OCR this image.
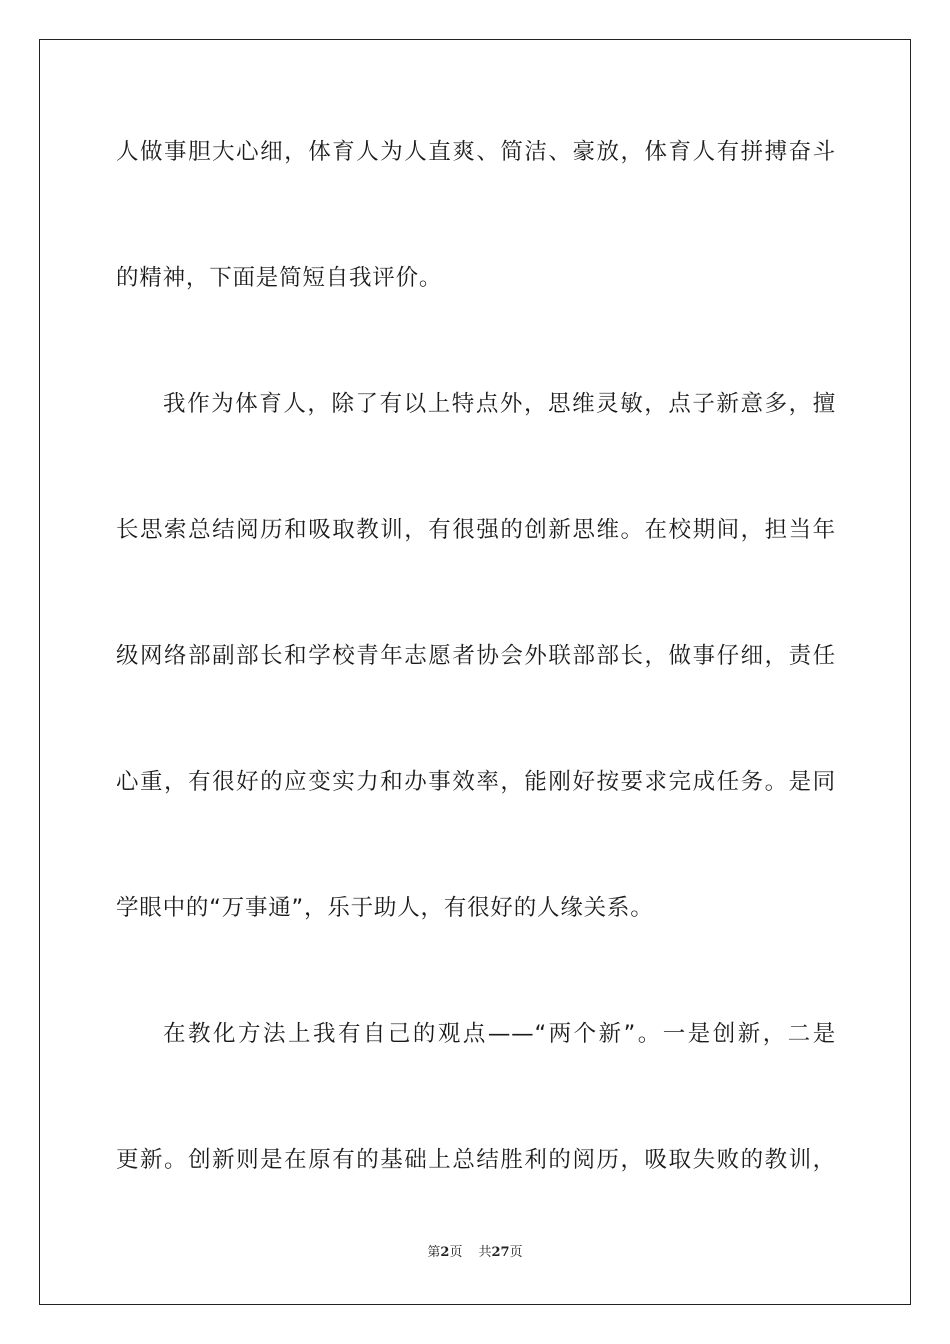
人做事胆大心细，体育人为人直爽、简洁、豪放，体育人有拼搏奋斗
的精神，下面是简短自我评价。
我作为体育人，除了有以上特点外，思维灵敏，点子新意多，擅
长思索总结阅历和吸取教训，有很强的创新思维。在校期间，担当年
级网络部副部长和学校青年志愿者协会外联部部长，做事仔细，责任
心重，有很好的应变实力和办事效率，能刚好按要求完成任务。是同
学眼中的“万事通”，乐于助人，有很好的人缘关系。
在教化方法上我有自己的观点——“两个新”。一是创新，二是
更新。创新则是在原有的基础上总结胜利的阅历，吸取失败的教训，
第2页 共27页
